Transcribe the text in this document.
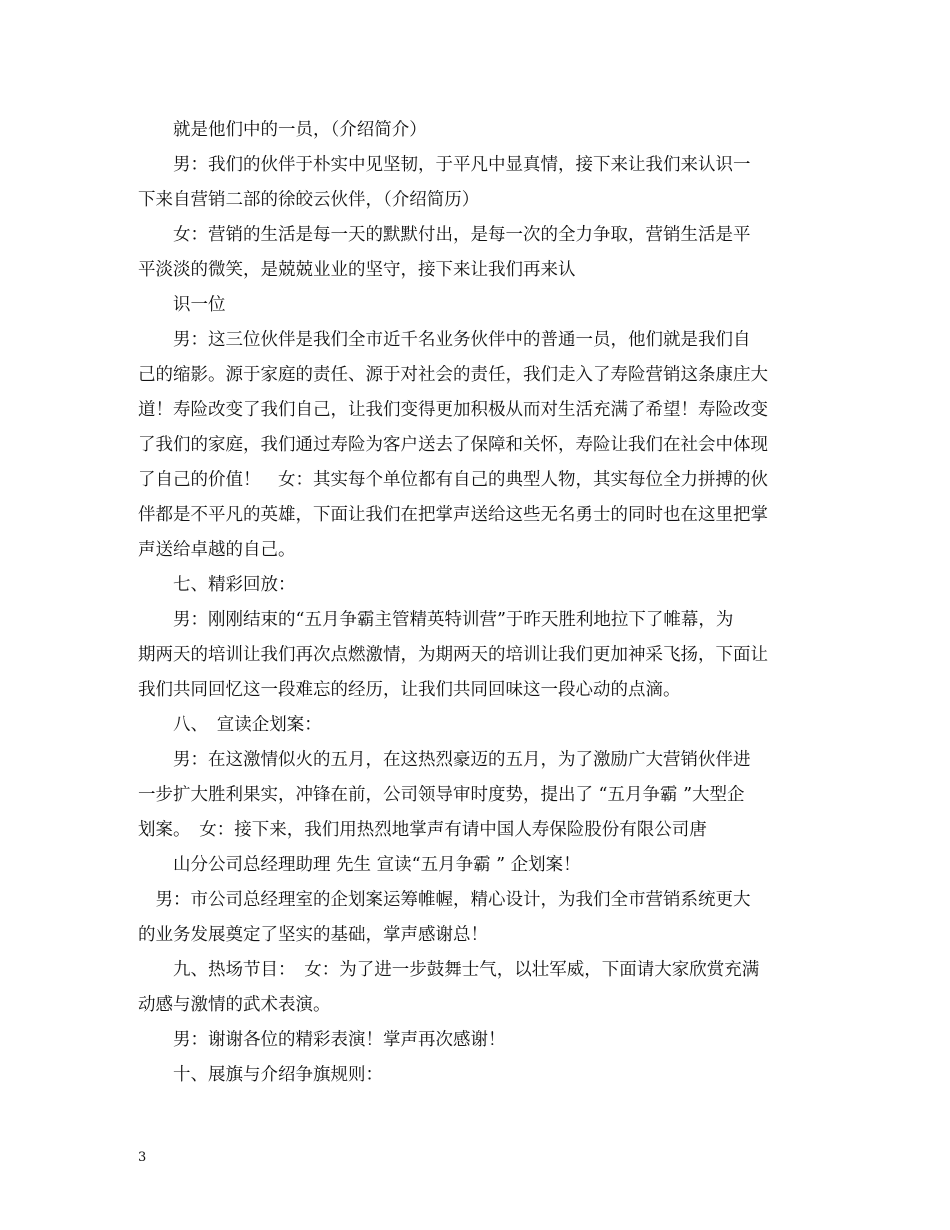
　　就是他们中的一员，（介绍简介）
　　男：我们的伙伴于朴实中见坚韧，于平凡中显真情，接下来让我们来认识一
下来自营销二部的徐皎云伙伴，（介绍简历）
　　女：营销的生活是每一天的默默付出，是每一次的全力争取，营销生活是平
平淡淡的微笑，是兢兢业业的坚守，接下来让我们再来认
　　识一位
　　男：这三位伙伴是我们全市近千名业务伙伴中的普通一员，他们就是我们自
己的缩影。源于家庭的责任、源于对社会的责任，我们走入了寿险营销这条康庄大
道！寿险改变了我们自己，让我们变得更加积极从而对生活充满了希望！寿险改变
了我们的家庭，我们通过寿险为客户送去了保障和关怀，寿险让我们在社会中体现
了自己的价值！　女：其实每个单位都有自己的典型人物，其实每位全力拼搏的伙
伴都是不平凡的英雄，下面让我们在把掌声送给这些无名勇士的同时也在这里把掌
声送给卓越的自己。
　　七、精彩回放：
　　男：刚刚结束的“五月争霸主管精英特训营”于昨天胜利地拉下了帷幕，为
期两天的培训让我们再次点燃激情，为期两天的培训让我们更加神采飞扬，下面让
我们共同回忆这一段难忘的经历，让我们共同回味这一段心动的点滴。
　　八、　宣读企划案：
　　男：在这激情似火的五月，在这热烈豪迈的五月，为了激励广大营销伙伴进
一步扩大胜利果实，冲锋在前，公司领导审时度势，提出了 “五月争霸 ”大型企
划案。　女：接下来，我们用热烈地掌声有请中国人寿保险股份有限公司唐
　　山分公司总经理助理 先生 宣读“五月争霸 ” 企划案！
　男：市公司总经理室的企划案运筹帷幄，精心设计，为我们全市营销系统更大
的业务发展奠定了坚实的基础，掌声感谢总！
　　九、热场节目：　女：为了进一步鼓舞士气，以壮军威，下面请大家欣赏充满
动感与激情的武术表演。
　　男：谢谢各位的精彩表演！掌声再次感谢！
　　十、展旗与介绍争旗规则：
3
